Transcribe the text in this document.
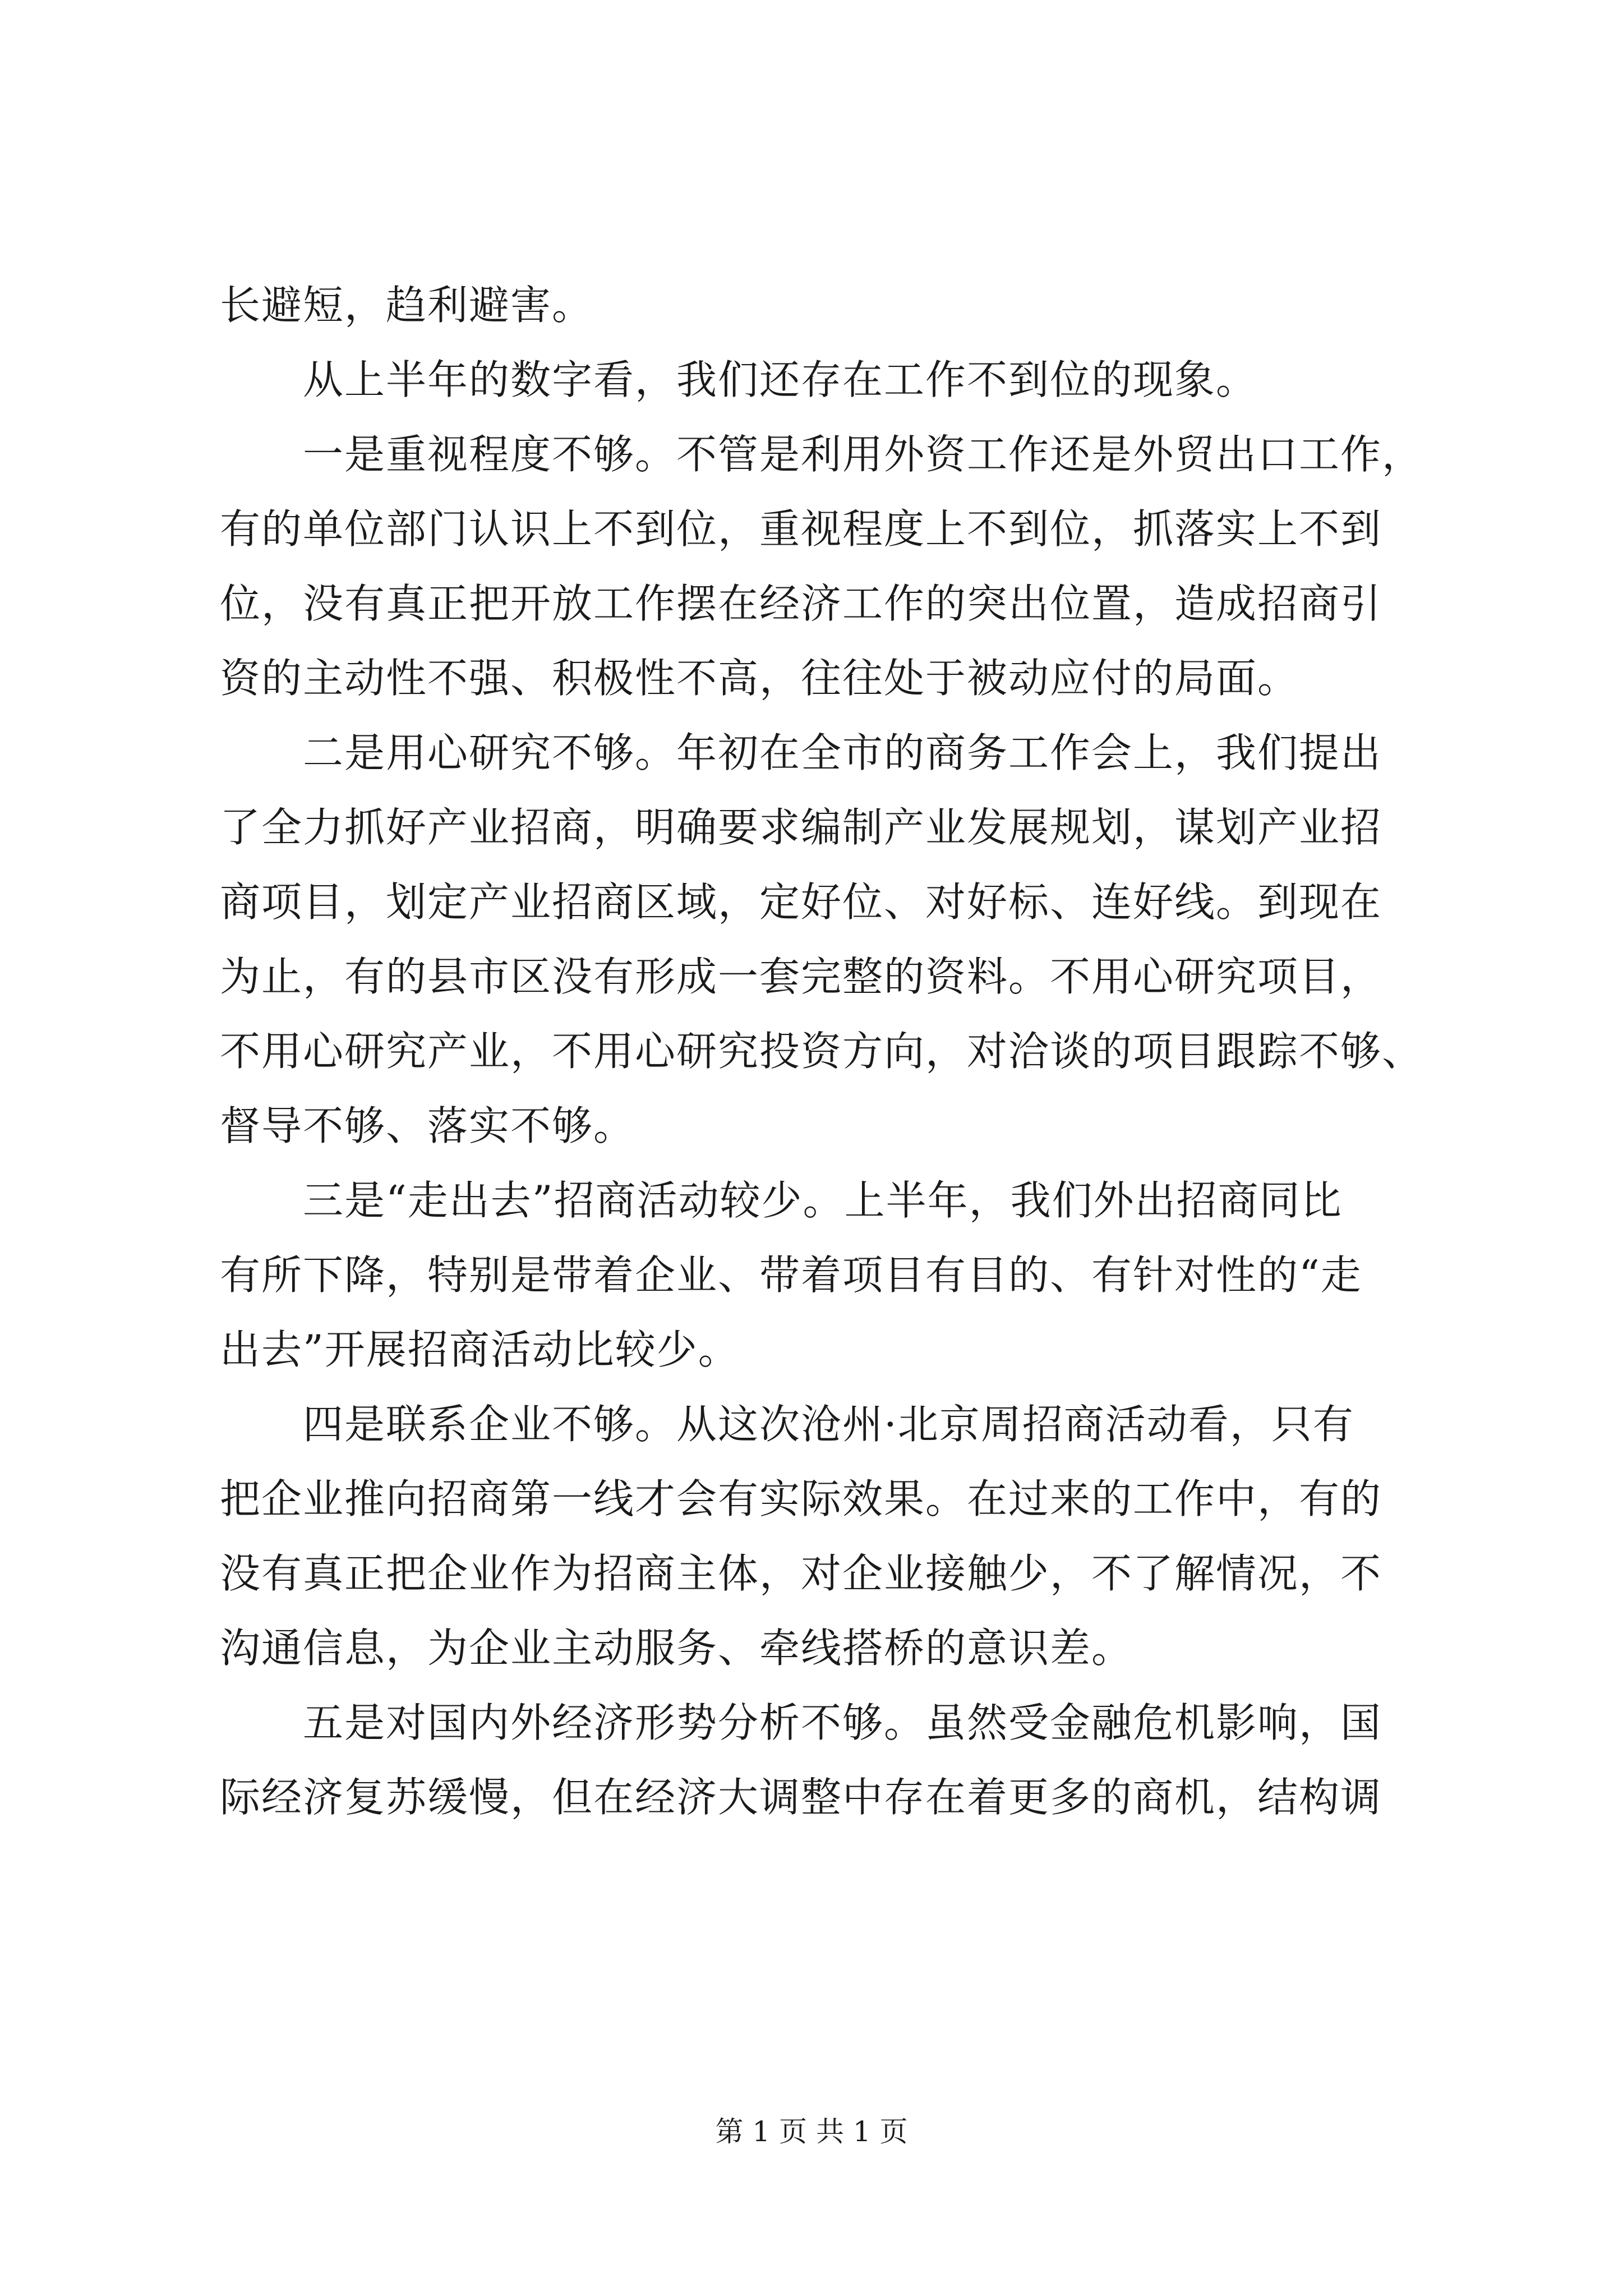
长避短，趋利避害。
从上半年的数字看，我们还存在工作不到位的现象。
一是重视程度不够。不管是利用外资工作还是外贸出口工作，
有的单位部门认识上不到位，重视程度上不到位，抓落实上不到
位，没有真正把开放工作摆在经济工作的突出位置，造成招商引
资的主动性不强、积极性不高，往往处于被动应付的局面。
二是用心研究不够。年初在全市的商务工作会上，我们提出
了全力抓好产业招商，明确要求编制产业发展规划，谋划产业招
商项目，划定产业招商区域，定好位、对好标、连好线。到现在
为止，有的县市区没有形成一套完整的资料。不用心研究项目，
不用心研究产业，不用心研究投资方向，对洽谈的项目跟踪不够、
督导不够、落实不够。
三是“走出去”招商活动较少。上半年，我们外出招商同比
有所下降，特别是带着企业、带着项目有目的、有针对性的“走
出去”开展招商活动比较少。
四是联系企业不够。从这次沧州·北京周招商活动看，只有
把企业推向招商第一线才会有实际效果。在过来的工作中，有的
没有真正把企业作为招商主体，对企业接触少，不了解情况，不
沟通信息，为企业主动服务、牵线搭桥的意识差。
五是对国内外经济形势分析不够。虽然受金融危机影响，国
际经济复苏缓慢，但在经济大调整中存在着更多的商机，结构调
第 1 页 共 1 页
